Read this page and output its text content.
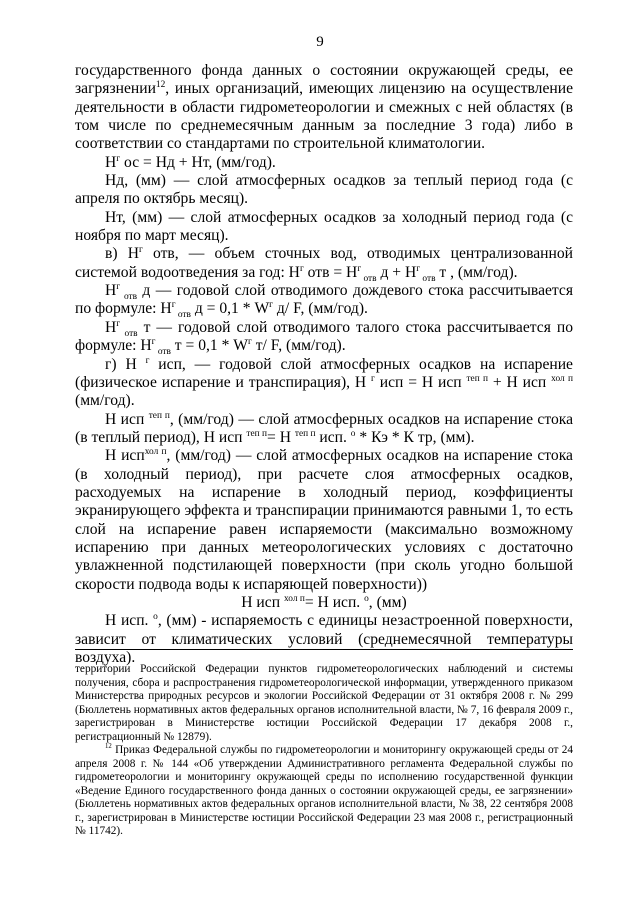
9

государственного фонда данных о состоянии окружающей среды, ее загрязнении$^{12}$, иных организаций, имеющих лицензию на осуществление деятельности в области гидрометеорологии и смежных с ней областях (в том числе по среднемесячным данным за последние 3 года) либо в соответствии со стандартами по строительной климатологии.

$Н^г$ ос = Нд + Нт, (мм/год).

Нд, (мм) — слой атмосферных осадков за теплый период года (с апреля по октябрь месяц).

Нт, (мм) — слой атмосферных осадков за холодный период года (с ноября по март месяц).

в) $Н^г$ отв, — объем сточных вод, отводимых централизованной системой водоотведения за год: $Н^г$ отв = $Н^г$ $_{отв}$ $д + Н^г$ $_{отв}$ т , (мм/год).

$Н^г$ $_{отв}$ д — годовой слой отводимого дождевого стока рассчитывается по формуле: $Н^г$ $_{отв}$ $д = 0,1 * W^г$ д/ F, (мм/год).

$Н^г$ $_{отв}$ т — годовой слой отводимого талого стока рассчитывается по формуле: $Н^г$ $_{отв}$ $т = 0,1 * W^г$ т/ F, (мм/год).

г) Н $^г$ исп, — годовой слой атмосферных осадков на испарение (физическое испарение и транспирация), Н $^г$ исп = Н исп $^{теп п}$ + Н исп $^{хол п}$ (мм/год).

Н исп $^{теп п}$, (мм/год) — слой атмосферных осадков на испарение стока (в теплый период), Н исп $^{теп п}$= Н $^{теп п}$ исп. $^о$ * Кэ * К тр, (мм).

Н исп$^{хол п}$, (мм/год) — слой атмосферных осадков на испарение стока (в холодный период), при расчете слоя атмосферных осадков, расходуемых на испарение в холодный период, коэффициенты экранирующего эффекта и транспирации принимаются равными 1, то есть слой на испарение равен испаряемости (максимально возможному испарению при данных метеорологических условиях с достаточно увлажненной подстилающей поверхности (при сколь угодно большой скорости подвода воды к испаряющей поверхности))

Н исп $^{хол п}$= Н исп. $^о$, (мм)

Н исп. $^о$, (мм) - испаряемость с единицы незастроенной поверхности, зависит от климатических условий (среднемесячной температуры воздуха).

территории Российской Федерации пунктов гидрометеорологических наблюдений и системы получения, сбора и распространения гидрометеорологической информации, утвержденного приказом Министерства природных ресурсов и экологии Российской Федерации от 31 октября 2008 г. № 299 (Бюллетень нормативных актов федеральных органов исполнительной власти, № 7, 16 февраля 2009 г., зарегистрирован в Министерстве юстиции Российской Федерации 17 декабря 2008 г., регистрационный № 12879).

$^{12}$ Приказ Федеральной службы по гидрометеорологии и мониторингу окружающей среды от 24 апреля 2008 г. № 144 «Об утверждении Административного регламента Федеральной службы по гидрометеорологии и мониторингу окружающей среды по исполнению государственной функции «Ведение Единого государственного фонда данных о состоянии окружающей среды, ее загрязнении» (Бюллетень нормативных актов федеральных органов исполнительной власти, № 38, 22 сентября 2008 г., зарегистрирован в Министерстве юстиции Российской Федерации 23 мая 2008 г., регистрационный № 11742).
